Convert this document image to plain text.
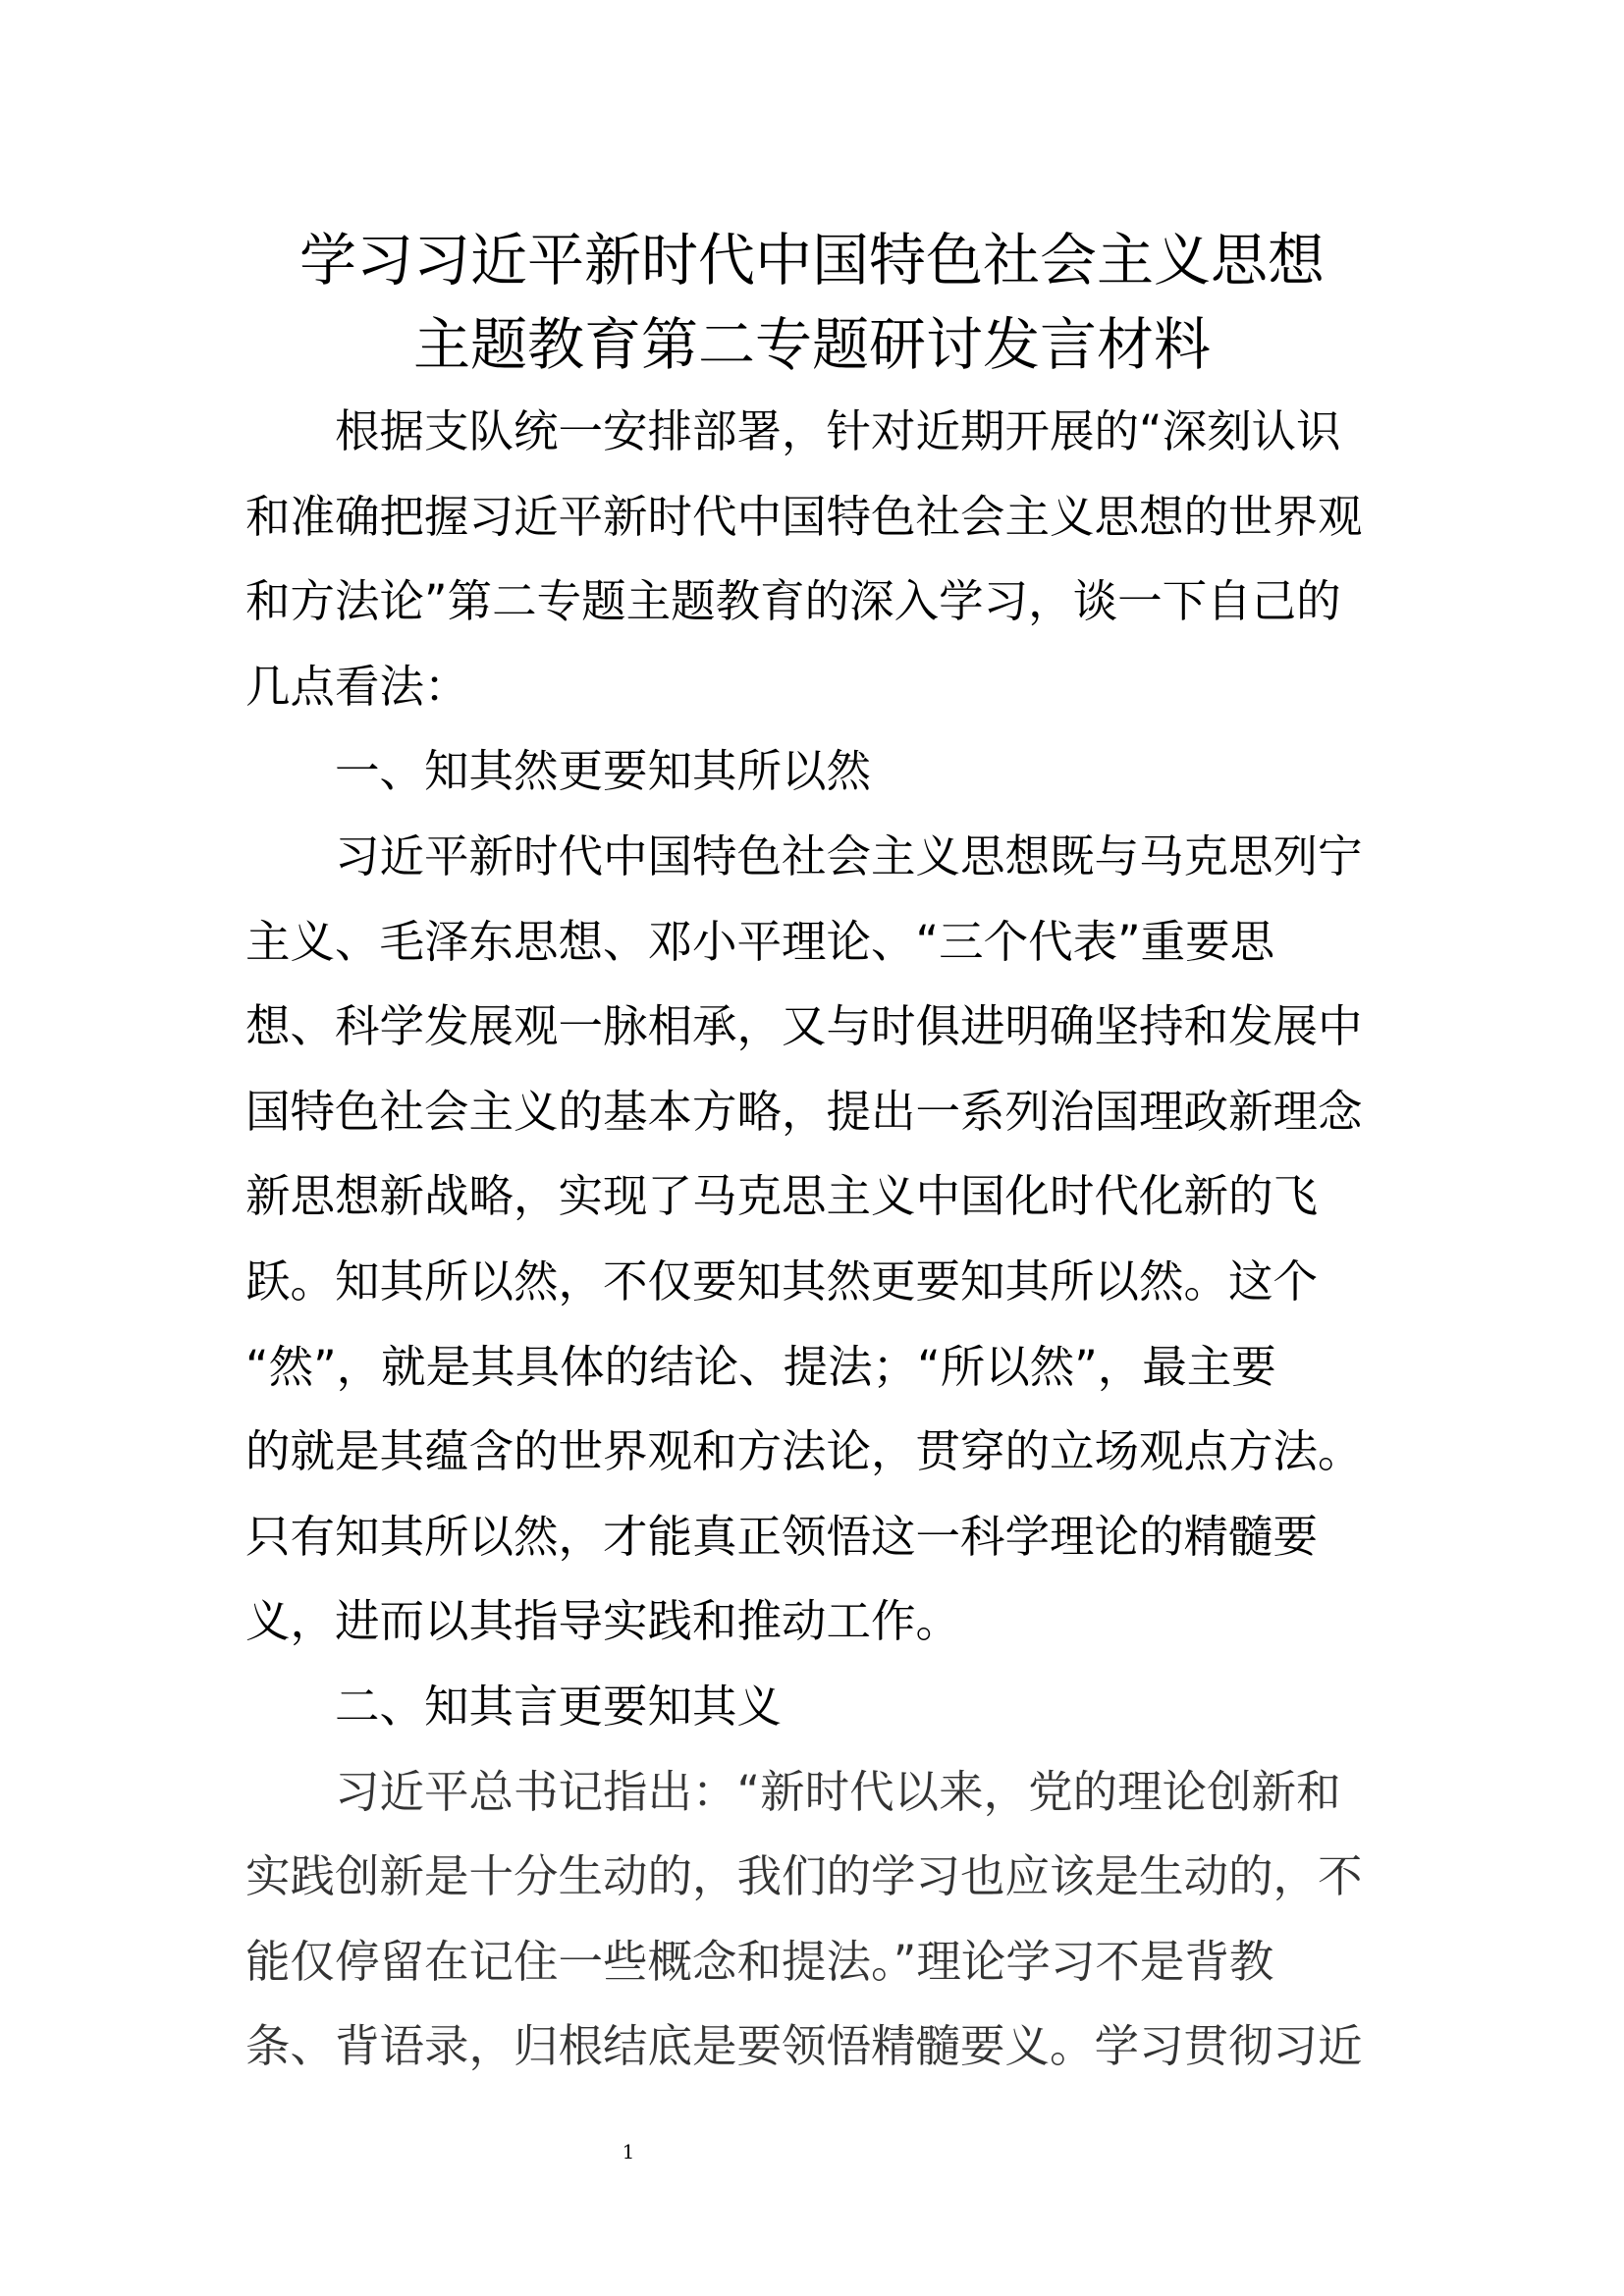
学习习近平新时代中国特色社会主义思想
主题教育第二专题研讨发言材料
根据支队统一安排部署，针对近期开展的“深刻认识
和准确把握习近平新时代中国特色社会主义思想的世界观
和方法论”第二专题主题教育的深入学习，谈一下自己的
几点看法：
一、知其然更要知其所以然
习近平新时代中国特色社会主义思想既与马克思列宁
主义、毛泽东思想、邓小平理论、“三个代表”重要思
想、科学发展观一脉相承，又与时俱进明确坚持和发展中
国特色社会主义的基本方略，提出一系列治国理政新理念
新思想新战略，实现了马克思主义中国化时代化新的飞
跃。知其所以然，不仅要知其然更要知其所以然。这个
“然”，就是其具体的结论、提法；“所以然”，最主要
的就是其蕴含的世界观和方法论，贯穿的立场观点方法。
只有知其所以然，才能真正领悟这一科学理论的精髓要
义，进而以其指导实践和推动工作。
二、知其言更要知其义
习近平总书记指出：“新时代以来，党的理论创新和
实践创新是十分生动的，我们的学习也应该是生动的，不
能仅停留在记住一些概念和提法。”理论学习不是背教
条、背语录，归根结底是要领悟精髓要义。学习贯彻习近
1
